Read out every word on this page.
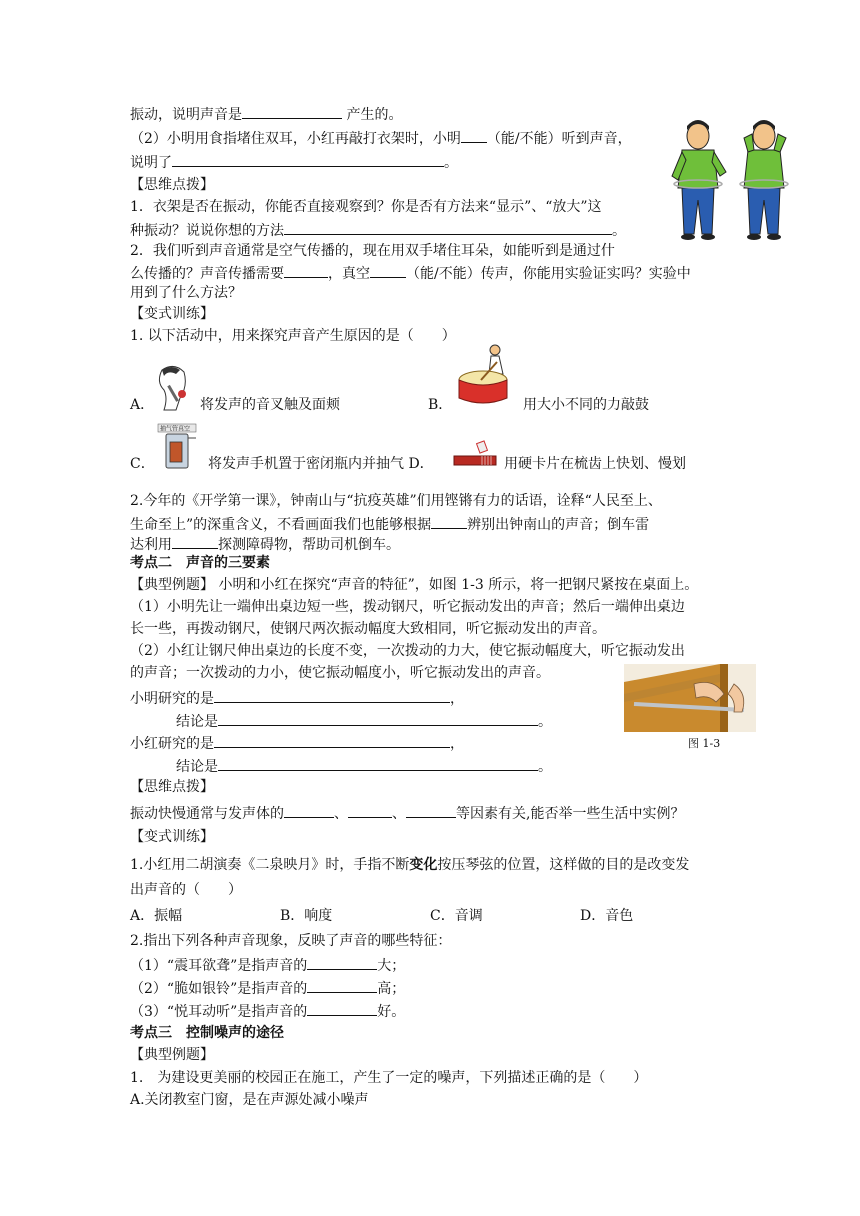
振动，说明声音是	产生的。
（2）小明用食指堵住双耳，小红再敲打衣架时，小明 （能/不能）听到声音，
说明了	。
【思维点拨】
1．衣架是否在振动，你能否直接观察到？你是否有方法来“显示”、“放大”这
种振动？说说你想的方法	。
2．我们听到声音通常是空气传播的，现在用双手堵住耳朵，如能听到是通过什
么传播的？声音传播需要	，真空	（能/不能）传声，你能用实验证实吗？实验中
用到了什么方法？
【变式训练】
1. 以下活动中，用来探究声音产生原因的是（　　）
A．	将发声的音叉触及面颊	B．	用大小不同的力敲鼓
C．	将发声手机置于密闭瓶内并抽气 D．	用硬卡片在梳齿上快划、慢划
2.今年的《开学第一课》，钟南山与“抗疫英雄”们用铿锵有力的话语，诠释“人民至上、
生命至上”的深重含义，不看画面我们也能够根据	辨别出钟南山的声音；倒车雷
达利用	探测障碍物，帮助司机倒车。
考点二　声音的三要素
【典型例题】 小明和小红在探究“声音的特征”，如图 1-3 所示，将一把钢尺紧按在桌面上。
（1）小明先让一端伸出桌边短一些，拨动钢尺，听它振动发出的声音；然后一端伸出桌边
长一些，再拨动钢尺，使钢尺两次振动幅度大致相同，听它振动发出的声音。
（2）小红让钢尺伸出桌边的长度不变，一次拨动的力大，使它振动幅度大，听它振动发出
的声音；一次拨动的力小，使它振动幅度小，听它振动发出的声音。
小明研究的是	，
结论是	。
小红研究的是	，
结论是	。
【思维点拨】
振动快慢通常与发声体的	、	、	等因素有关,能否举一些生活中实例？
【变式训练】
1.小红用二胡演奏《二泉映月》时，手指不断变化按压琴弦的位置，这样做的目的是改变发
出声音的（　　）
A．振幅	B．响度	C．音调	D．音色
2.指出下列各种声音现象，反映了声音的哪些特征：
（1）“震耳欲聋”是指声音的	大；
（2）“脆如银铃”是指声音的	高；
（3）“悦耳动听”是指声音的	好。
考点三　控制噪声的途径
【典型例题】
1.　为建设更美丽的校园正在施工，产生了一定的噪声，下列描述正确的是（　　）
A.关闭教室门窗，是在声源处减小噪声
抽气管真空
图 1-3
